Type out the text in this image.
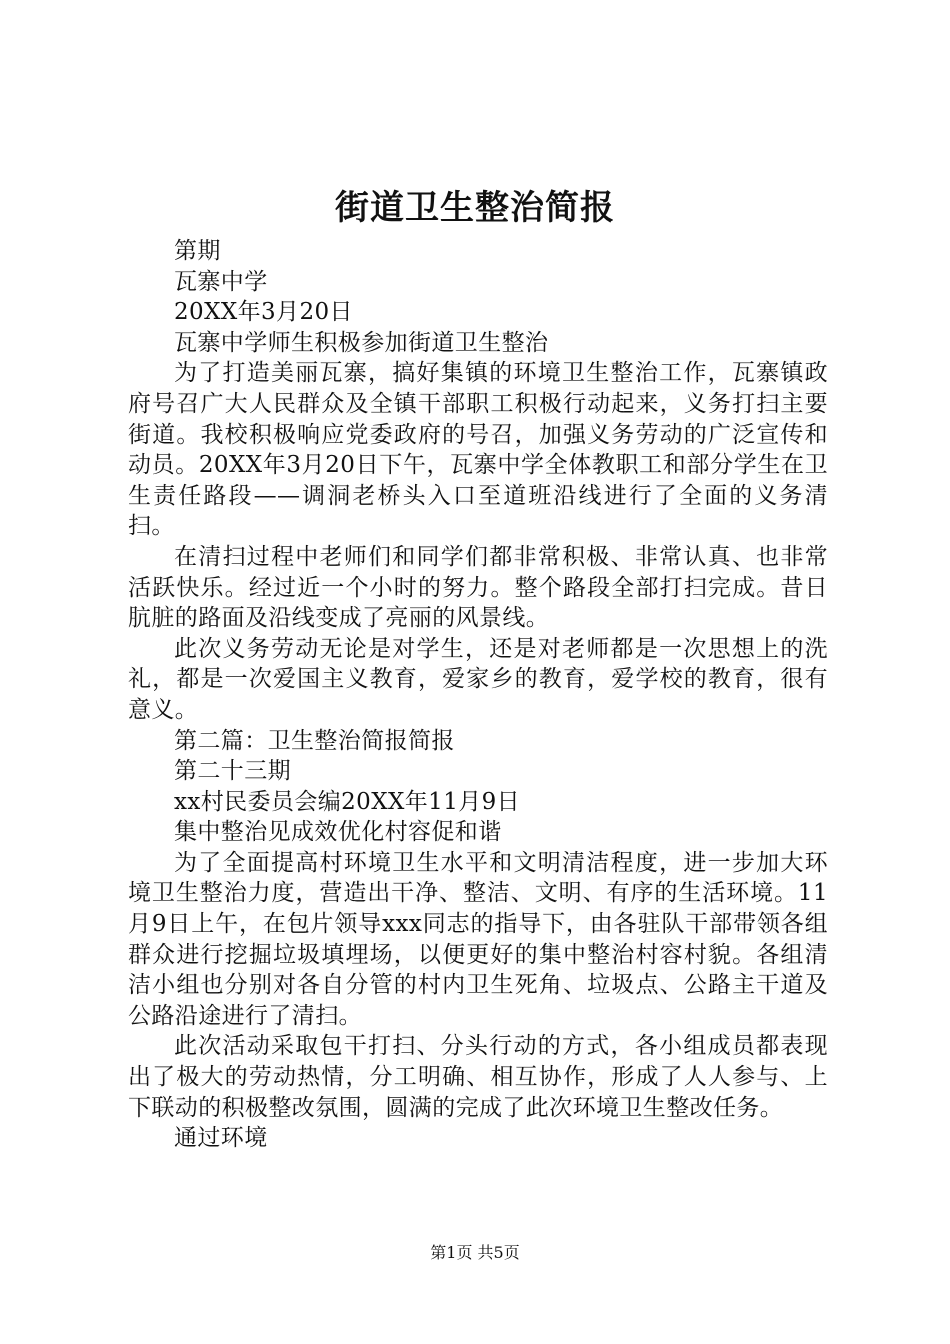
街道卫生整治简报

第期

瓦寨中学

20XX年3月20日

瓦寨中学师生积极参加街道卫生整治

为了打造美丽瓦寨，搞好集镇的环境卫生整治工作，瓦寨镇政府号召广大人民群众及全镇干部职工积极行动起来，义务打扫主要街道。我校积极响应党委政府的号召，加强义务劳动的广泛宣传和动员。20XX年3月20日下午，瓦寨中学全体教职工和部分学生在卫生责任路段——调洞老桥头入口至道班沿线进行了全面的义务清扫。

在清扫过程中老师们和同学们都非常积极、非常认真、也非常活跃快乐。经过近一个小时的努力。整个路段全部打扫完成。昔日肮脏的路面及沿线变成了亮丽的风景线。

此次义务劳动无论是对学生，还是对老师都是一次思想上的洗礼，都是一次爱国主义教育，爱家乡的教育，爱学校的教育，很有意义。

第二篇：卫生整治简报简报

第二十三期

xx村民委员会编20XX年11月9日

集中整治见成效优化村容促和谐

为了全面提高村环境卫生水平和文明清洁程度，进一步加大环境卫生整治力度，营造出干净、整洁、文明、有序的生活环境。11月9日上午，在包片领导xxx同志的指导下，由各驻队干部带领各组群众进行挖掘垃圾填埋场，以便更好的集中整治村容村貌。各组清洁小组也分别对各自分管的村内卫生死角、垃圾点、公路主干道及公路沿途进行了清扫。

此次活动采取包干打扫、分头行动的方式，各小组成员都表现出了极大的劳动热情，分工明确、相互协作，形成了人人参与、上下联动的积极整改氛围，圆满的完成了此次环境卫生整改任务。

通过环境

第1页 共5页
